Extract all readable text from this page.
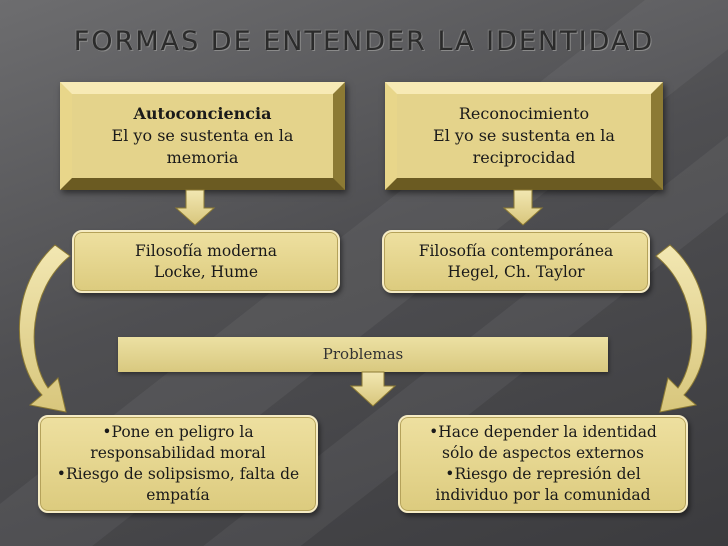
FORMAS DE ENTENDER LA IDENTIDAD
Autoconciencia
El yo se sustenta en la
memoria
Reconocimiento
El yo se sustenta en la
reciprocidad
Filosofía moderna
Locke, Hume
Filosofía contemporánea
Hegel, Ch. Taylor
Problemas
•Pone en peligro la
responsabilidad moral
•Riesgo de solipsismo, falta de
empatía
•Hace depender la identidad
sólo de aspectos externos
•Riesgo de represión del
individuo por la comunidad
